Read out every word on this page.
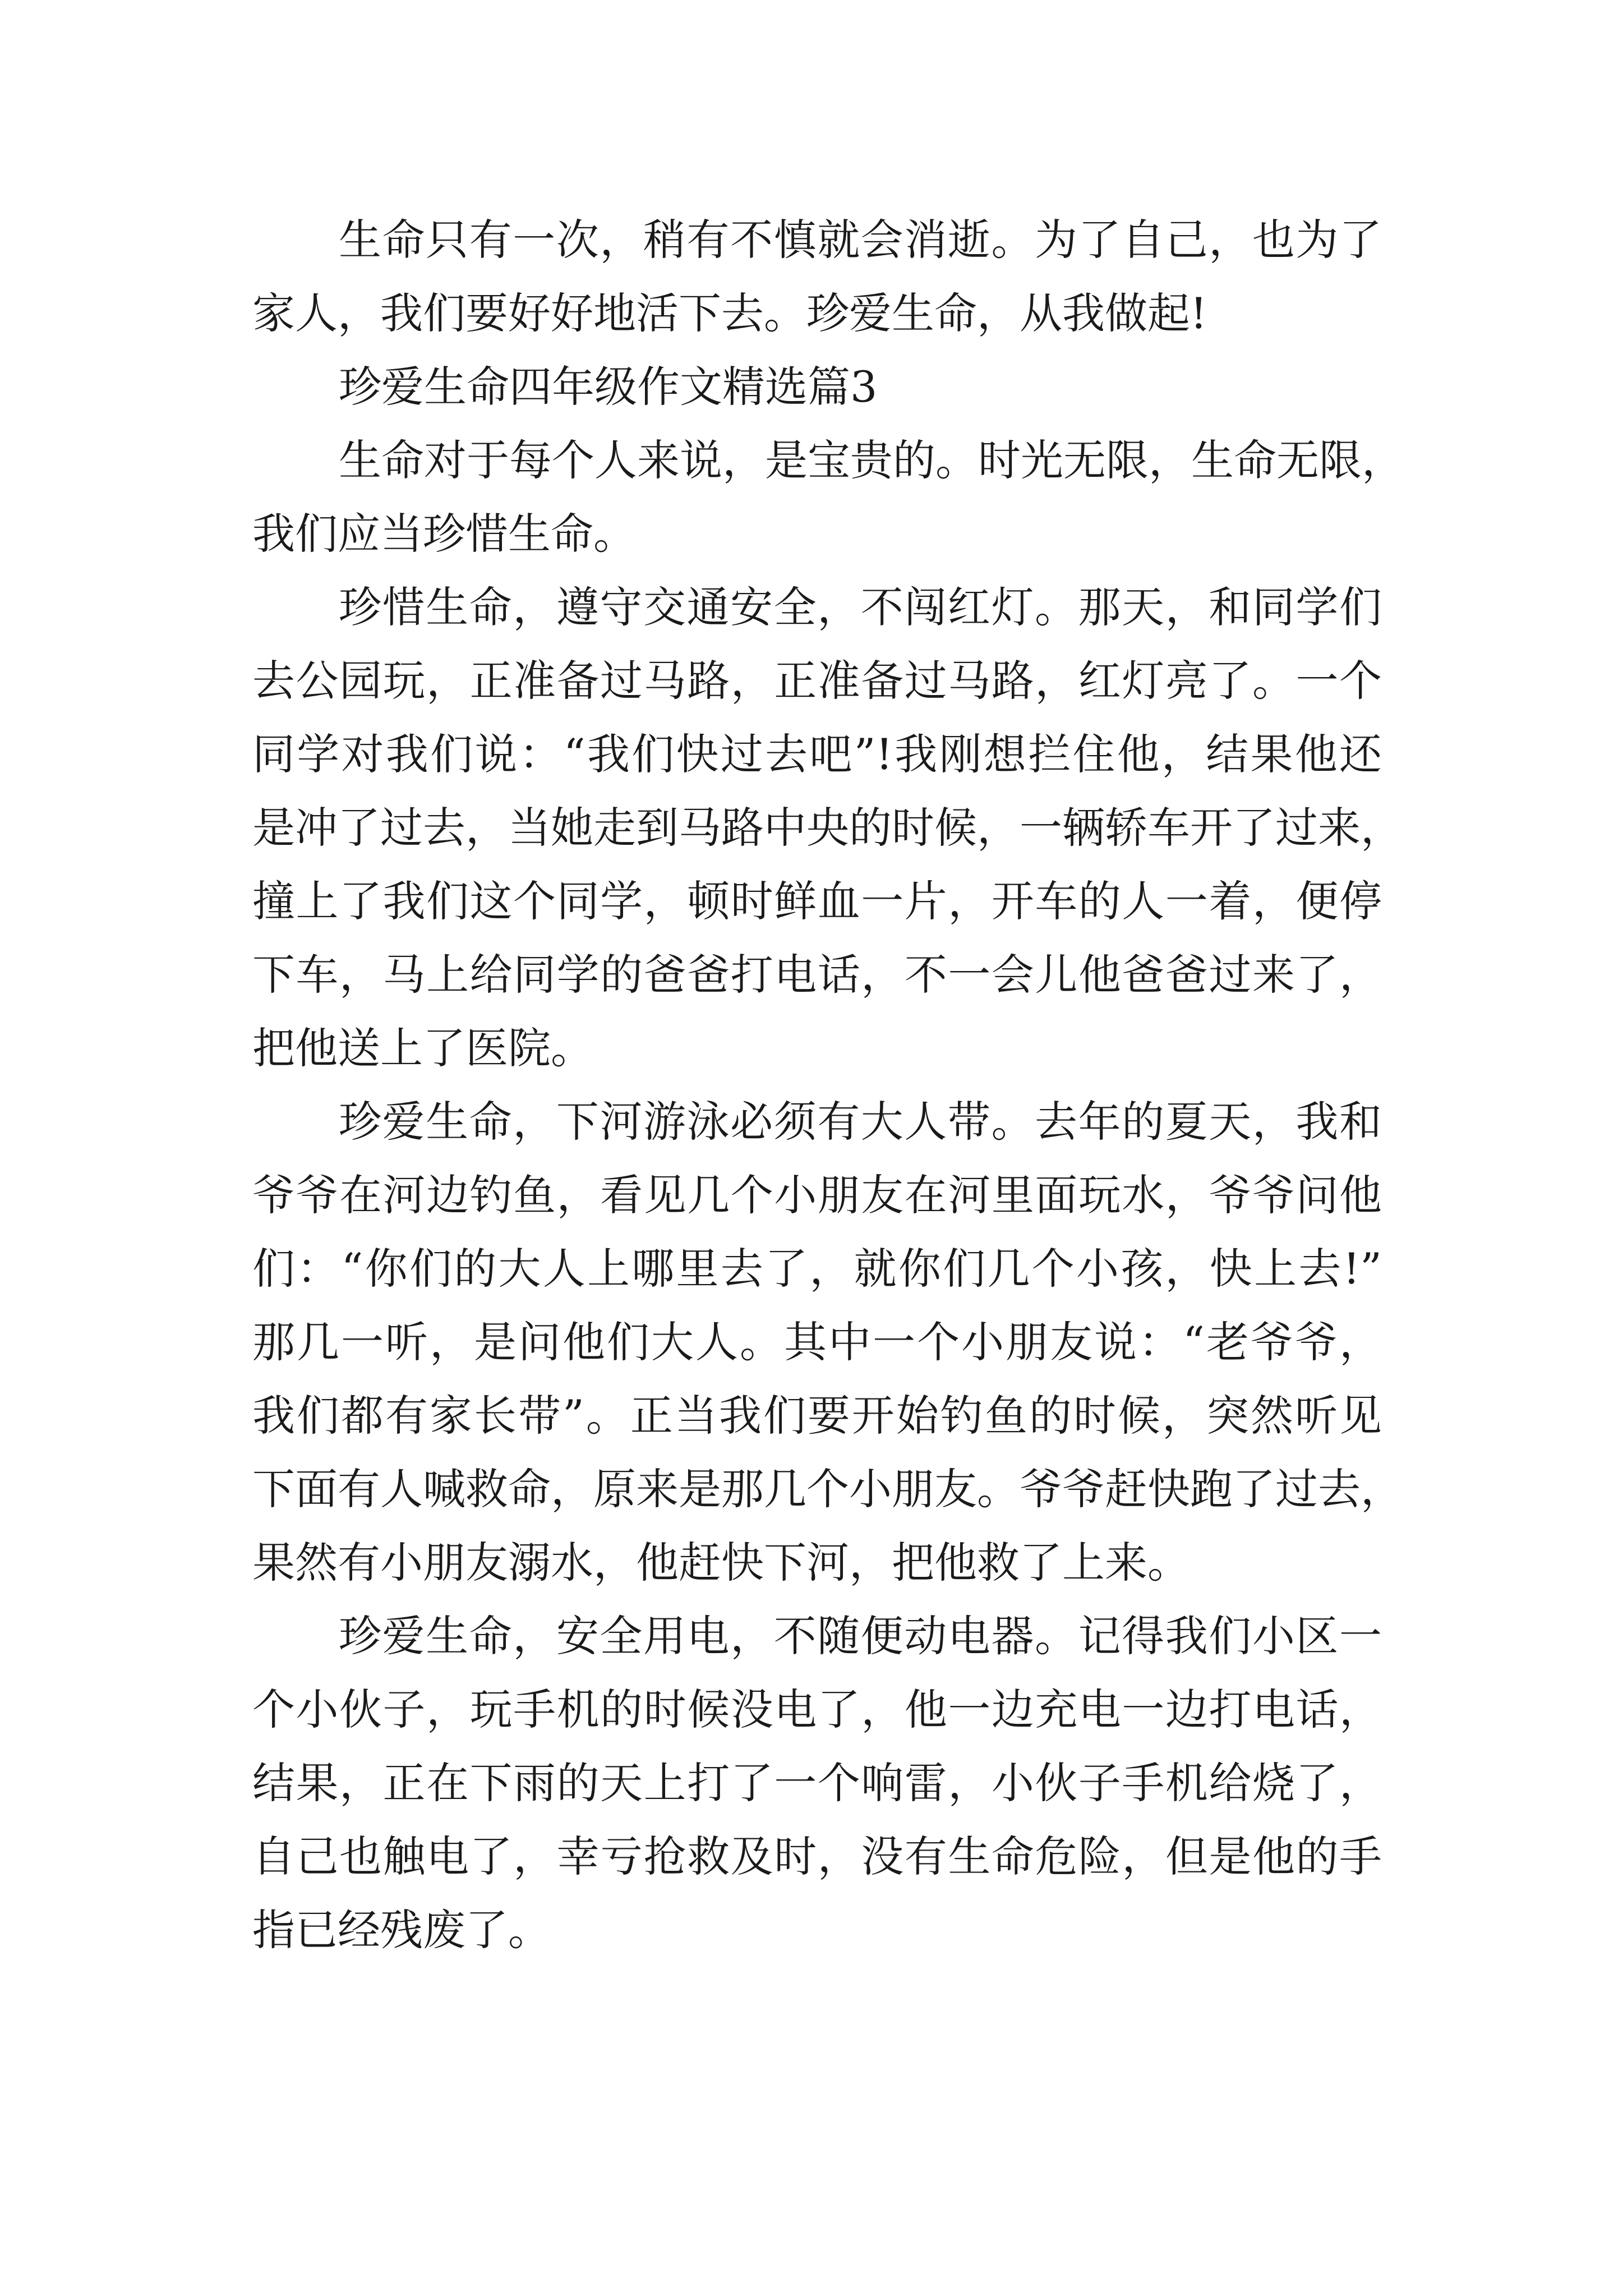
生命只有一次，稍有不慎就会消逝。为了自己，也为了
家人，我们要好好地活下去。珍爱生命，从我做起!
珍爱生命四年级作文精选篇3
生命对于每个人来说，是宝贵的。时光无限，生命无限，
我们应当珍惜生命。
珍惜生命，遵守交通安全，不闯红灯。那天，和同学们
去公园玩，正准备过马路，正准备过马路，红灯亮了。一个
同学对我们说：“我们快过去吧”!我刚想拦住他，结果他还
是冲了过去，当她走到马路中央的时候，一辆轿车开了过来，
撞上了我们这个同学，顿时鲜血一片，开车的人一着，便停
下车，马上给同学的爸爸打电话，不一会儿他爸爸过来了，
把他送上了医院。
珍爱生命，下河游泳必须有大人带。去年的夏天，我和
爷爷在河边钓鱼，看见几个小朋友在河里面玩水，爷爷问他
们：“你们的大人上哪里去了，就你们几个小孩，快上去!”
那几一听，是问他们大人。其中一个小朋友说：“老爷爷，
我们都有家长带”。正当我们要开始钓鱼的时候，突然听见
下面有人喊救命，原来是那几个小朋友。爷爷赶快跑了过去，
果然有小朋友溺水，他赶快下河，把他救了上来。
珍爱生命，安全用电，不随便动电器。记得我们小区一
个小伙子，玩手机的时候没电了，他一边充电一边打电话，
结果，正在下雨的天上打了一个响雷，小伙子手机给烧了，
自己也触电了，幸亏抢救及时，没有生命危险，但是他的手
指已经残废了。
